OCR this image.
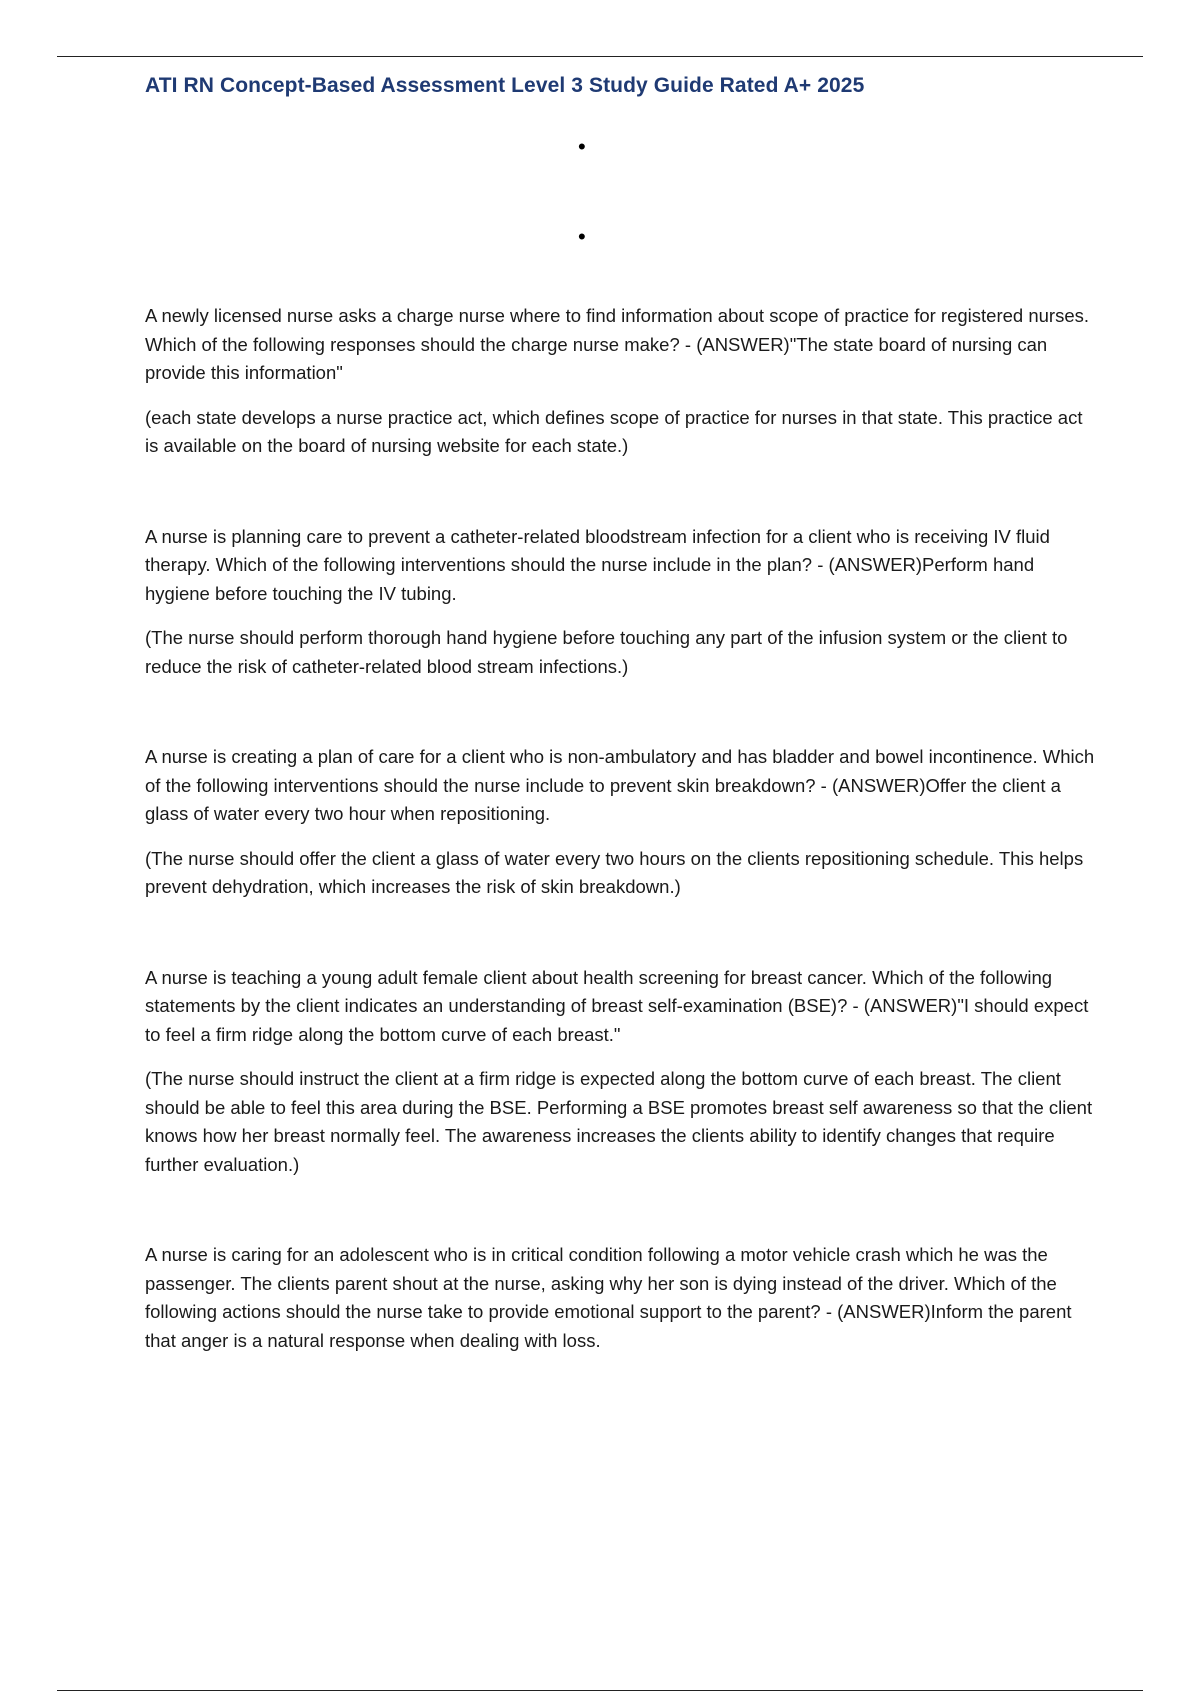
ATI RN Concept-Based Assessment Level 3 Study Guide Rated A+ 2025
•
•

A newly licensed nurse asks a charge nurse where to find information about scope of practice for registered nurses. Which of the following responses should the charge nurse make? - (ANSWER)"The state board of nursing can provide this information"

(each state develops a nurse practice act, which defines scope of practice for nurses in that state. This practice act is available on the board of nursing website for each state.)

A nurse is planning care to prevent a catheter-related bloodstream infection for a client who is receiving IV fluid therapy. Which of the following interventions should the nurse include in the plan? - (ANSWER)Perform hand hygiene before touching the IV tubing.

(The nurse should perform thorough hand hygiene before touching any part of the infusion system or the client to reduce the risk of catheter-related blood stream infections.)

A nurse is creating a plan of care for a client who is non-ambulatory and has bladder and bowel incontinence. Which of the following interventions should the nurse include to prevent skin breakdown? - (ANSWER)Offer the client a glass of water every two hour when repositioning.

(The nurse should offer the client a glass of water every two hours on the clients repositioning schedule. This helps prevent dehydration, which increases the risk of skin breakdown.)

A nurse is teaching a young adult female client about health screening for breast cancer. Which of the following statements by the client indicates an understanding of breast self-examination (BSE)? - (ANSWER)"I should expect to feel a firm ridge along the bottom curve of each breast."

(The nurse should instruct the client at a firm ridge is expected along the bottom curve of each breast. The client should be able to feel this area during the BSE. Performing a BSE promotes breast self awareness so that the client knows how her breast normally feel. The awareness increases the clients ability to identify changes that require further evaluation.)

A nurse is caring for an adolescent who is in critical condition following a motor vehicle crash which he was the passenger. The clients parent shout at the nurse, asking why her son is dying instead of the driver. Which of the following actions should the nurse take to provide emotional support to the parent? - (ANSWER)Inform the parent that anger is a natural response when dealing with loss.
